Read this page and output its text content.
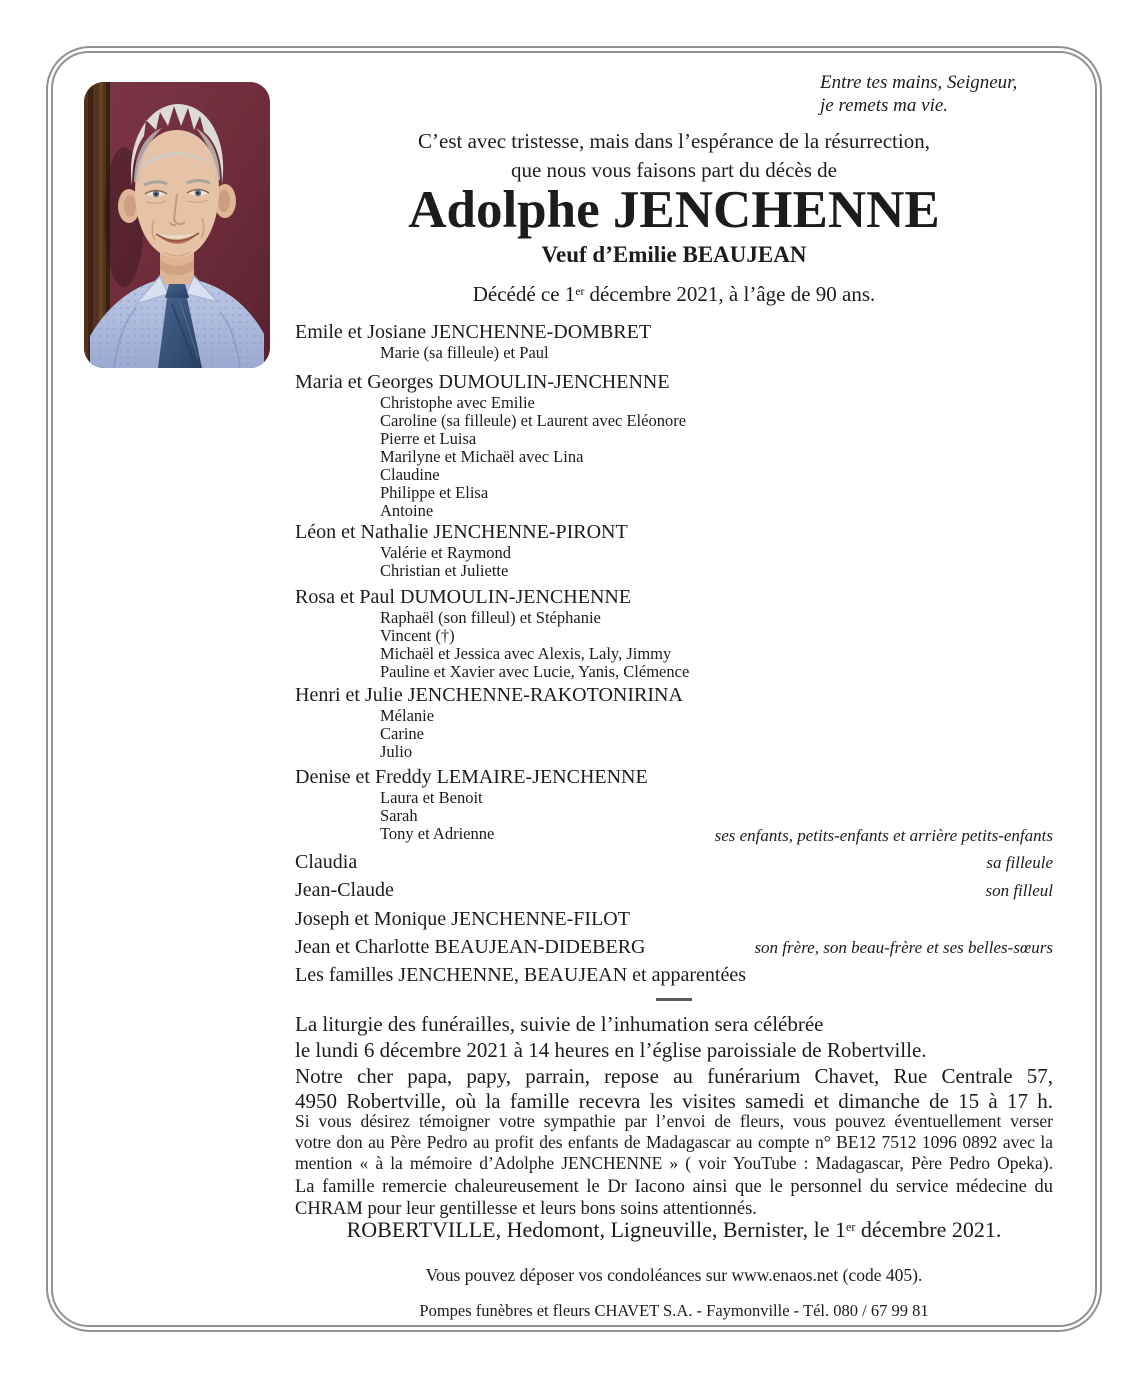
Entre tes mains, Seigneur,
je remets ma vie.
C’est avec tristesse, mais dans l’espérance de la résurrection,
que nous vous faisons part du décès de
Adolphe JENCHENNE
Veuf d’Emilie BEAUJEAN
Décédé ce 1er décembre 2021, à l’âge de 90 ans.
Emile et Josiane JENCHENNE-DOMBRET
Marie (sa filleule) et Paul
Maria et Georges DUMOULIN-JENCHENNE
Christophe avec Emilie
Caroline (sa filleule) et Laurent avec Eléonore
Pierre et Luisa
Marilyne et Michaël avec Lina
Claudine
Philippe et Elisa
Antoine
Léon et Nathalie JENCHENNE-PIRONT
Valérie et Raymond
Christian et Juliette
Rosa et Paul DUMOULIN-JENCHENNE
Raphaël (son filleul) et Stéphanie
Vincent (†)
Michaël et Jessica avec Alexis, Laly, Jimmy
Pauline et Xavier avec Lucie, Yanis, Clémence
Henri et Julie JENCHENNE-RAKOTONIRINA
Mélanie
Carine
Julio
Denise et Freddy LEMAIRE-JENCHENNE
Laura et Benoit
Sarah
Tony et Adrienne	ses enfants, petits-enfants et arrière petits-enfants
Claudia	sa filleule
Jean-Claude	son filleul
Joseph et Monique JENCHENNE-FILOT
Jean et Charlotte BEAUJEAN-DIDEBERG	son frère, son beau-frère et ses belles-sœurs
Les familles JENCHENNE, BEAUJEAN et apparentées
La liturgie des funérailles, suivie de l’inhumation sera célébrée
le lundi 6 décembre 2021 à 14 heures en l’église paroissiale de Robertville.
Notre cher papa, papy, parrain, repose au funérarium Chavet, Rue Centrale 57,
4950 Robertville, où la famille recevra les visites samedi et dimanche de 15 à 17 h.
Si vous désirez témoigner votre sympathie par l’envoi de fleurs, vous pouvez éventuellement verser
votre don au Père Pedro au profit des enfants de Madagascar au compte n° BE12 7512 1096 0892 avec la
mention « à la mémoire d’Adolphe JENCHENNE » ( voir YouTube : Madagascar, Père Pedro Opeka).
La famille remercie chaleureusement le Dr Iacono ainsi que le personnel du service médecine du
CHRAM pour leur gentillesse et leurs bons soins attentionnés.
ROBERTVILLE, Hedomont, Ligneuville, Bernister, le 1er décembre 2021.
Vous pouvez déposer vos condoléances sur www.enaos.net (code 405).
Pompes funèbres et fleurs CHAVET S.A. - Faymonville - Tél. 080 / 67 99 81
